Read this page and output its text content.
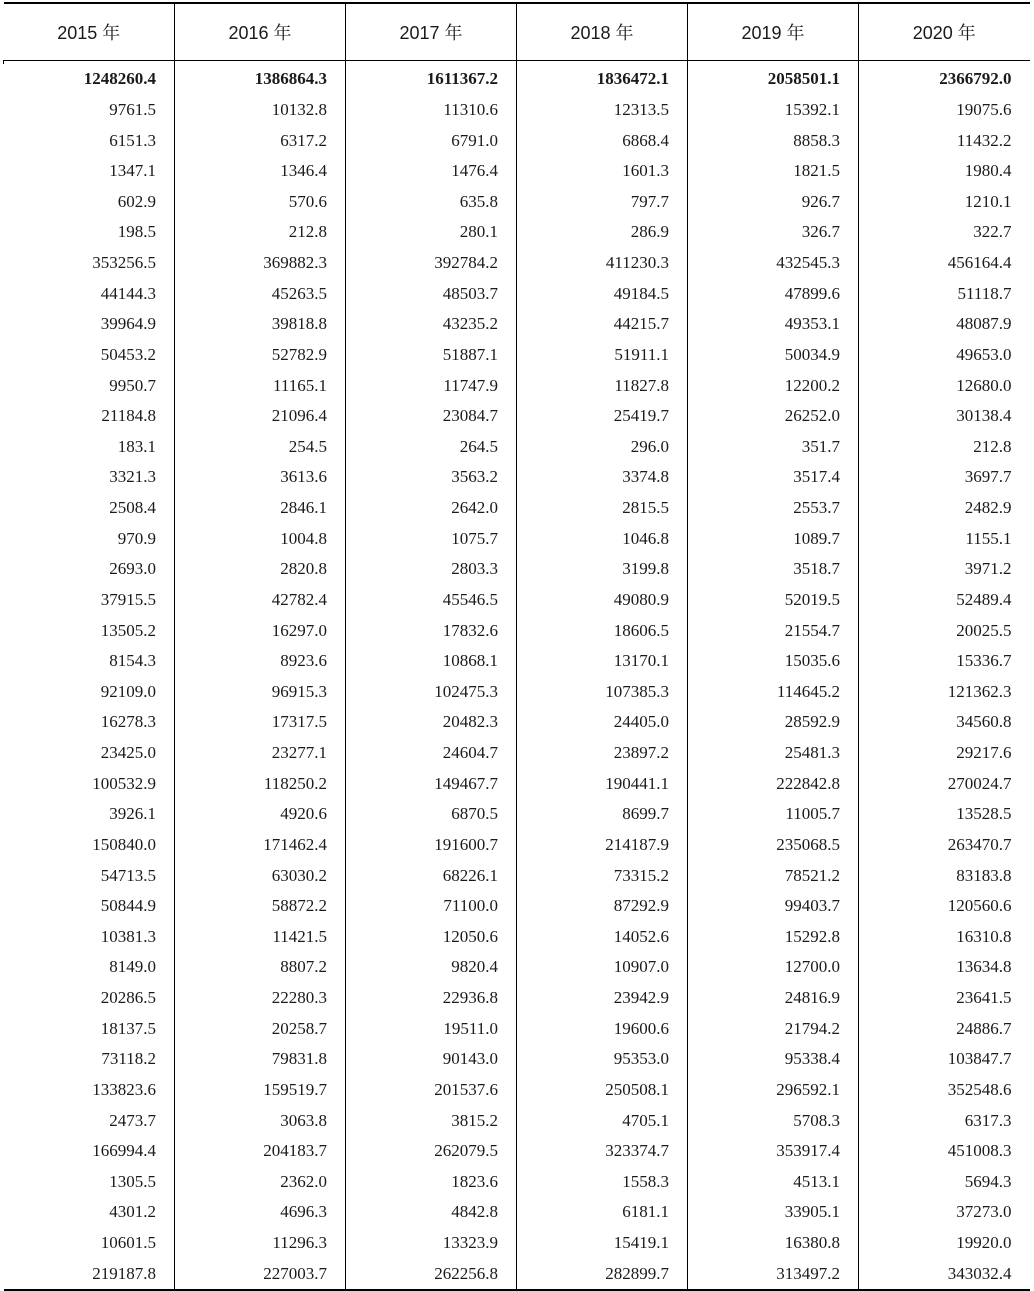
2015 年	2016 年	2017 年	2018 年	2019 年	2020 年

1248260.4	1386864.3	1611367.2	1836472.1	2058501.1	2366792.0
9761.5	10132.8	11310.6	12313.5	15392.1	19075.6
6151.3	6317.2	6791.0	6868.4	8858.3	11432.2
1347.1	1346.4	1476.4	1601.3	1821.5	1980.4
602.9	570.6	635.8	797.7	926.7	1210.1
198.5	212.8	280.1	286.9	326.7	322.7
353256.5	369882.3	392784.2	411230.3	432545.3	456164.4
44144.3	45263.5	48503.7	49184.5	47899.6	51118.7
39964.9	39818.8	43235.2	44215.7	49353.1	48087.9
50453.2	52782.9	51887.1	51911.1	50034.9	49653.0
9950.7	11165.1	11747.9	11827.8	12200.2	12680.0
21184.8	21096.4	23084.7	25419.7	26252.0	30138.4
183.1	254.5	264.5	296.0	351.7	212.8
3321.3	3613.6	3563.2	3374.8	3517.4	3697.7
2508.4	2846.1	2642.0	2815.5	2553.7	2482.9
970.9	1004.8	1075.7	1046.8	1089.7	1155.1
2693.0	2820.8	2803.3	3199.8	3518.7	3971.2
37915.5	42782.4	45546.5	49080.9	52019.5	52489.4
13505.2	16297.0	17832.6	18606.5	21554.7	20025.5
8154.3	8923.6	10868.1	13170.1	15035.6	15336.7
92109.0	96915.3	102475.3	107385.3	114645.2	121362.3
16278.3	17317.5	20482.3	24405.0	28592.9	34560.8
23425.0	23277.1	24604.7	23897.2	25481.3	29217.6
100532.9	118250.2	149467.7	190441.1	222842.8	270024.7
3926.1	4920.6	6870.5	8699.7	11005.7	13528.5
150840.0	171462.4	191600.7	214187.9	235068.5	263470.7
54713.5	63030.2	68226.1	73315.2	78521.2	83183.8
50844.9	58872.2	71100.0	87292.9	99403.7	120560.6
10381.3	11421.5	12050.6	14052.6	15292.8	16310.8
8149.0	8807.2	9820.4	10907.0	12700.0	13634.8
20286.5	22280.3	22936.8	23942.9	24816.9	23641.5
18137.5	20258.7	19511.0	19600.6	21794.2	24886.7
73118.2	79831.8	90143.0	95353.0	95338.4	103847.7
133823.6	159519.7	201537.6	250508.1	296592.1	352548.6
2473.7	3063.8	3815.2	4705.1	5708.3	6317.3
166994.4	204183.7	262079.5	323374.7	353917.4	451008.3
1305.5	2362.0	1823.6	1558.3	4513.1	5694.3
4301.2	4696.3	4842.8	6181.1	33905.1	37273.0
10601.5	11296.3	13323.9	15419.1	16380.8	19920.0
219187.8	227003.7	262256.8	282899.7	313497.2	343032.4
